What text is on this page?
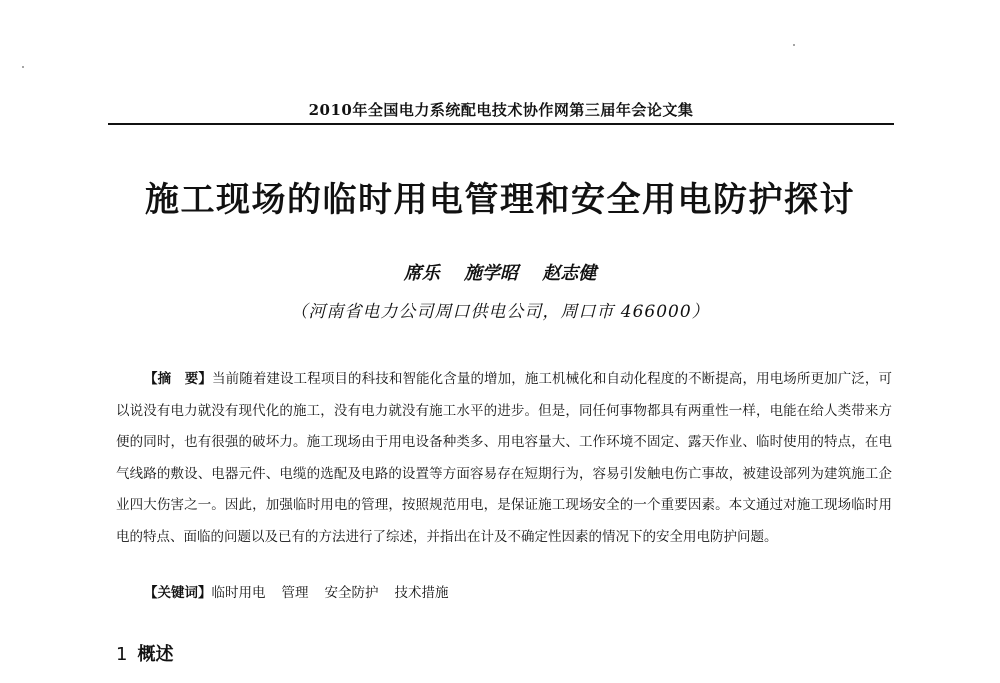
2010年全国电力系统配电技术协作网第三届年会论文集
施工现场的临时用电管理和安全用电防护探讨
席乐 施学昭 赵志健
（河南省电力公司周口供电公司，周口市 466000）

【摘　要】当前随着建设工程项目的科技和智能化含量的增加，施工机械化和自动化程度的不断提高，用电场所更加广泛，可以说没有电力就没有现代化的施工，没有电力就没有施工水平的进步。但是，同任何事物都具有两重性一样，电能在给人类带来方便的同时，也有很强的破坏力。施工现场由于用电设备种类多、用电容量大、工作环境不固定、露天作业、临时使用的特点，在电气线路的敷设、电器元件、电缆的选配及电路的设置等方面容易存在短期行为，容易引发触电伤亡事故，被建设部列为建筑施工企业四大伤害之一。因此，加强临时用电的管理，按照规范用电，是保证施工现场安全的一个重要因素。本文通过对施工现场临时用电的特点、面临的问题以及已有的方法进行了综述，并指出在计及不确定性因素的情况下的安全用电防护问题。

【关键词】临时用电 管理 安全防护 技术措施

1 概述
